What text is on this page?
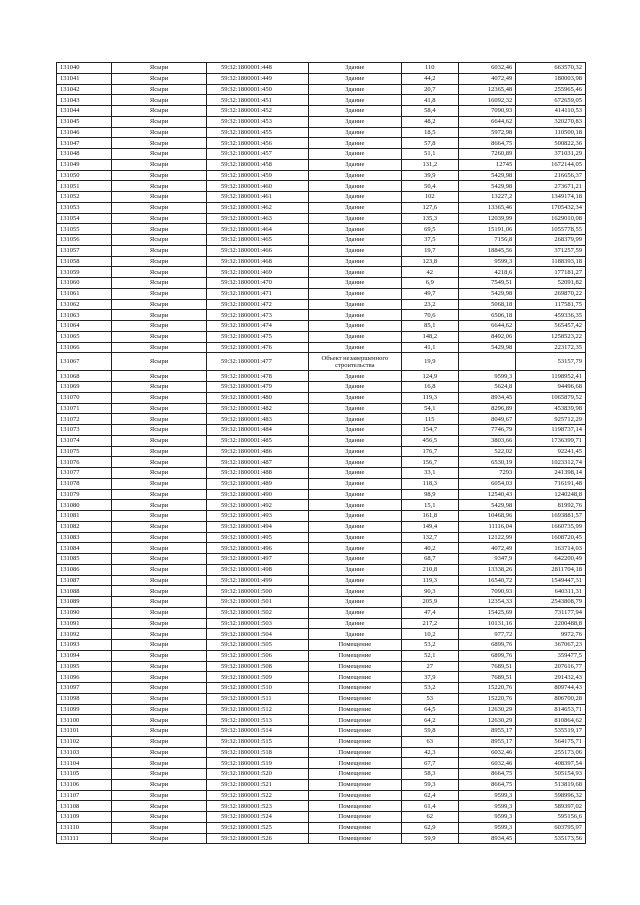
131040	Ясыри	59:32:1800001:448	Здание	110	6032,46	663570,32
131041	Ясыри	59:32:1800001:449	Здание	44,2	4072,49	180003,98
131042	Ясыри	59:32:1800001:450	Здание	20,7	12365,48	255965,46
131043	Ясыри	59:32:1800001:451	Здание	41,8	16092,32	672659,05
131044	Ясыри	59:32:1800001:452	Здание	58,4	7090,93	414110,53
131045	Ясыри	59:32:1800001:453	Здание	48,2	6644,62	320270,83
131046	Ясыри	59:32:1800001:455	Здание	18,5	5972,98	110500,18
131047	Ясыри	59:32:1800001:456	Здание	57,8	8664,75	500822,36
131048	Ясыри	59:32:1800001:457	Здание	51,1	7260,89	371031,29
131049	Ясыри	59:32:1800001:458	Здание	131,2	12745	1672144,05
131050	Ясыри	59:32:1800001:459	Здание	39,9	5429,98	216656,37
131051	Ясыри	59:32:1800001:460	Здание	50,4	5429,98	273671,21
131052	Ясыри	59:32:1800001:461	Здание	102	13227,2	1349174,18
131053	Ясыри	59:32:1800001:462	Здание	127,6	13365,46	1705432,34
131054	Ясыри	59:32:1800001:463	Здание	135,3	12039,99	1629010,08
131055	Ясыри	59:32:1800001:464	Здание	69,5	15191,06	1055778,55
131056	Ясыри	59:32:1800001:465	Здание	37,5	7156,8	268379,99
131057	Ясыри	59:32:1800001:466	Здание	19,7	18845,56	371257,59
131058	Ясыри	59:32:1800001:468	Здание	123,8	9599,3	1188393,18
131059	Ясыри	59:32:1800001:469	Здание	42	4218,6	177181,27
131060	Ясыри	59:32:1800001:470	Здание	6,9	7549,51	52091,82
131061	Ясыри	59:32:1800001:471	Здание	49,7	5429,98	269870,22
131062	Ясыри	59:32:1800001:472	Здание	23,2	5068,18	117581,75
131063	Ясыри	59:32:1800001:473	Здание	70,6	6506,18	459336,35
131064	Ясыри	59:32:1800001:474	Здание	85,1	6644,62	565457,42
131065	Ясыри	59:32:1800001:475	Здание	148,2	8492,06	1258523,22
131066	Ясыри	59:32:1800001:476	Здание	41,1	5429,98	223172,35
131067	Ясыри	59:32:1800001:477	Объект незавершенного строительства	19,9		53157,79
131068	Ясыри	59:32:1800001:478	Здание	124,9	9599,3	1198952,41
131069	Ясыри	59:32:1800001:479	Здание	16,8	5624,8	94496,68
131070	Ясыри	59:32:1800001:480	Здание	119,3	8934,45	1065879,52
131071	Ясыри	59:32:1800001:482	Здание	54,1	8296,89	453839,98
131072	Ясыри	59:32:1800001:483	Здание	115	8049,67	925712,29
131073	Ясыри	59:32:1800001:484	Здание	154,7	7746,79	1198737,14
131074	Ясыри	59:32:1800001:485	Здание	456,5	3803,66	1736399,71
131075	Ясыри	59:32:1800001:486	Здание	176,7	522,02	92241,45
131076	Ясыри	59:32:1800001:487	Здание	156,7	6530,19	1023312,74
131077	Ясыри	59:32:1800001:488	Здание	33,1	7293	241398,14
131078	Ясыри	59:32:1800001:489	Здание	118,3	6054,03	716191,48
131079	Ясыри	59:32:1800001:490	Здание	98,9	12540,43	1240248,8
131080	Ясыри	59:32:1800001:492	Здание	15,1	5429,98	81992,76
131081	Ясыри	59:32:1800001:493	Здание	161,8	10468,96	1693881,57
131082	Ясыри	59:32:1800001:494	Здание	149,4	11116,04	1660735,99
131083	Ясыри	59:32:1800001:495	Здание	132,7	12122,99	1608720,45
131084	Ясыри	59:32:1800001:496	Здание	40,2	4072,49	163714,03
131085	Ясыри	59:32:1800001:497	Здание	68,7	9347,9	642200,49
131086	Ясыри	59:32:1800001:498	Здание	210,8	13338,26	2811704,18
131087	Ясыри	59:32:1800001:499	Здание	119,3	16540,72	1549447,31
131088	Ясыри	59:32:1800001:500	Здание	90,3	7090,93	640311,31
131089	Ясыри	59:32:1800001:501	Здание	205,9	12354,33	2543808,79
131090	Ясыри	59:32:1800001:502	Здание	47,4	15425,69	731177,94
131091	Ясыри	59:32:1800001:503	Здание	217,2	10131,16	2200488,8
131092	Ясыри	59:32:1800001:504	Здание	10,2	977,72	9972,76
131093	Ясыри	59:32:1800001:505	Помещение	53,2	6899,76	367067,23
131094	Ясыри	59:32:1800001:506	Помещение	52,1	6899,76	359477,5
131095	Ясыри	59:32:1800001:508	Помещение	27	7689,51	207616,77
131096	Ясыри	59:32:1800001:509	Помещение	37,9	7689,51	291432,43
131097	Ясыри	59:32:1800001:510	Помещение	53,2	15220,76	809744,43
131098	Ясыри	59:32:1800001:511	Помещение	53	15220,76	806700,28
131099	Ясыри	59:32:1800001:512	Помещение	64,5	12630,29	814653,71
131100	Ясыри	59:32:1800001:513	Помещение	64,2	12630,29	810864,62
131101	Ясыри	59:32:1800001:514	Помещение	59,8	8955,17	535519,17
131102	Ясыри	59:32:1800001:515	Помещение	63	8955,17	564175,71
131103	Ясыри	59:32:1800001:518	Помещение	42,3	6032,46	255173,06
131104	Ясыри	59:32:1800001:519	Помещение	67,7	6032,46	408397,54
131105	Ясыри	59:32:1800001:520	Помещение	58,3	8664,75	505154,93
131106	Ясыри	59:32:1800001:521	Помещение	59,3	8664,75	513819,68
131107	Ясыри	59:32:1800001:522	Помещение	62,4	9599,3	598996,32
131108	Ясыри	59:32:1800001:523	Помещение	61,4	9599,3	589397,02
131109	Ясыри	59:32:1800001:524	Помещение	62	9599,3	595156,6
131110	Ясыри	59:32:1800001:525	Помещение	62,9	9599,3	603795,97
131111	Ясыри	59:32:1800001:526	Помещение	59,9	8934,45	535173,56
